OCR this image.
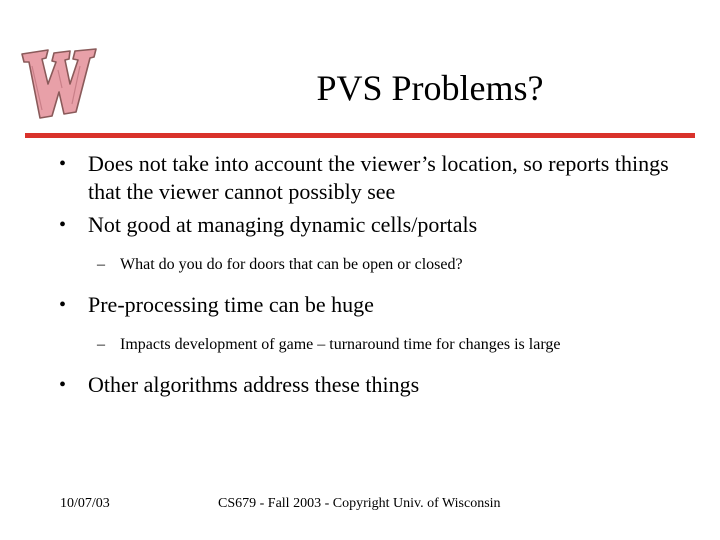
PVS Problems?
• Does not take into account the viewer’s location, so reports things that the viewer cannot possibly see
• Not good at managing dynamic cells/portals
– What do you do for doors that can be open or closed?
• Pre-processing time can be huge
– Impacts development of game – turnaround time for changes is large
• Other algorithms address these things
10/07/03	CS679 - Fall 2003 - Copyright Univ. of Wisconsin
